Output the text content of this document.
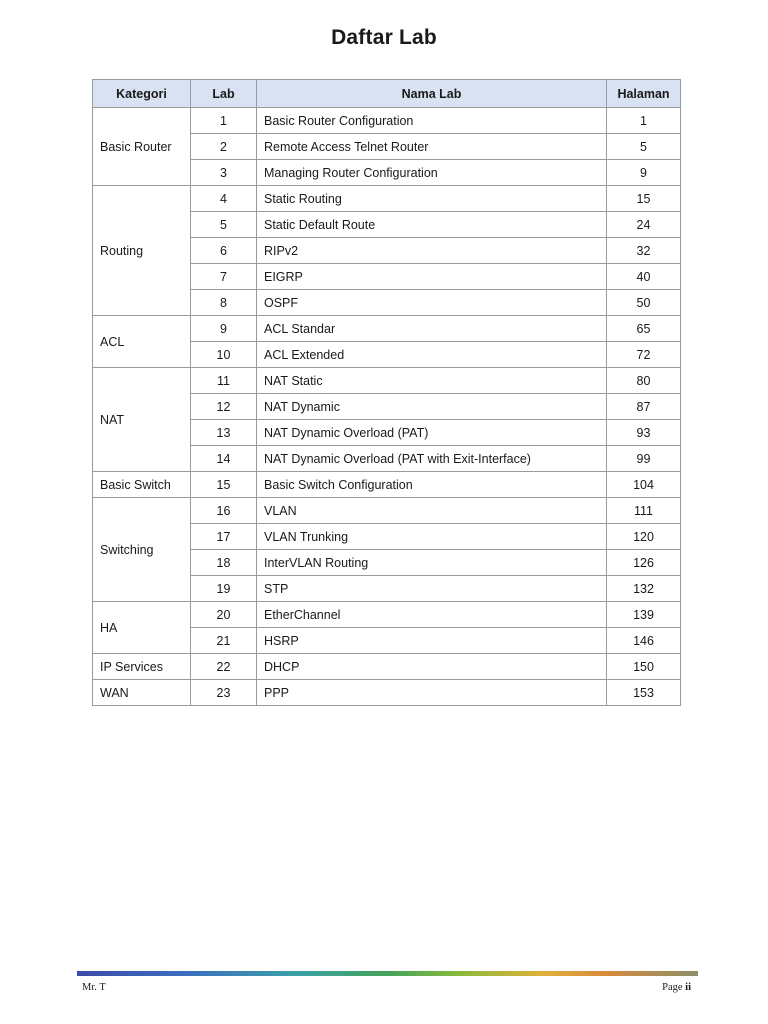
Daftar Lab
Kategori	Lab	Nama Lab	Halaman
Basic Router	1	Basic Router Configuration	1
	2	Remote Access Telnet Router	5
	3	Managing Router Configuration	9
Routing	4	Static Routing	15
	5	Static Default Route	24
	6	RIPv2	32
	7	EIGRP	40
	8	OSPF	50
ACL	9	ACL Standar	65
	10	ACL Extended	72
NAT	11	NAT Static	80
	12	NAT Dynamic	87
	13	NAT Dynamic Overload (PAT)	93
	14	NAT Dynamic Overload (PAT with Exit-Interface)	99
Basic Switch	15	Basic Switch Configuration	104
Switching	16	VLAN	111
	17	VLAN Trunking	120
	18	InterVLAN Routing	126
	19	STP	132
HA	20	EtherChannel	139
	21	HSRP	146
IP Services	22	DHCP	150
WAN	23	PPP	153
Mr. T	Page ii
